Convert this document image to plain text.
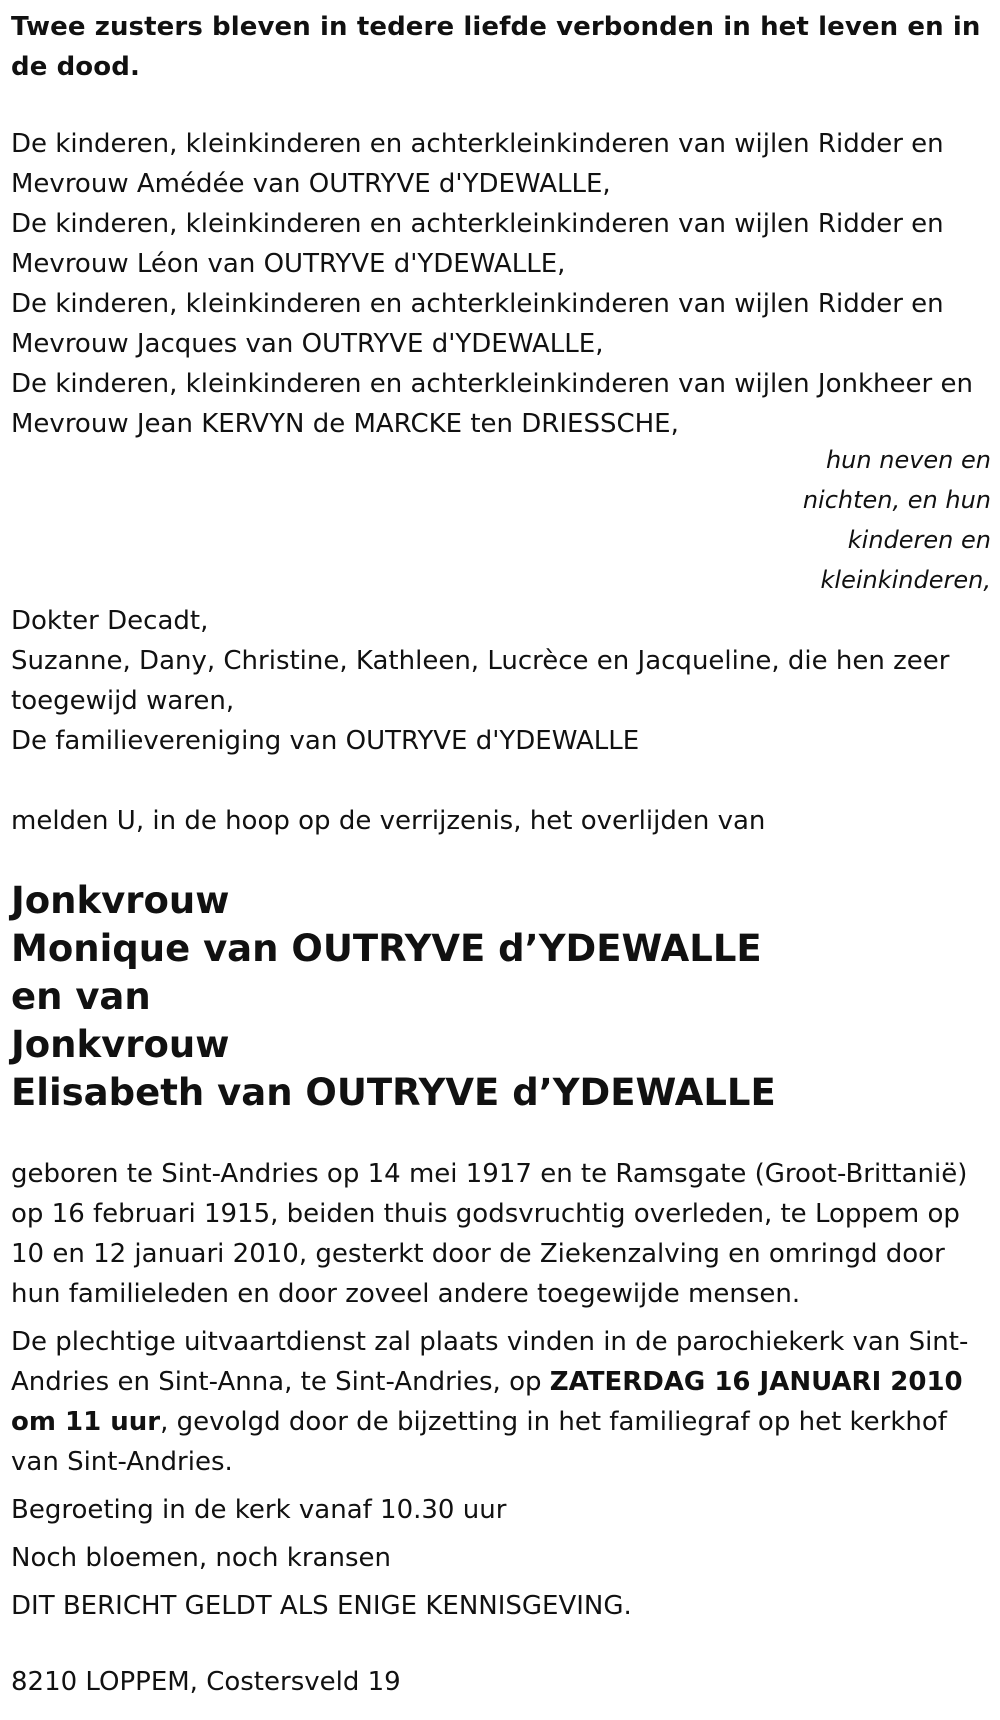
Twee zusters bleven in tedere liefde verbonden in het leven en in de dood.

De kinderen, kleinkinderen en achterkleinkinderen van wijlen Ridder en Mevrouw Amédée van OUTRYVE d'YDEWALLE,

De kinderen, kleinkinderen en achterkleinkinderen van wijlen Ridder en Mevrouw Léon van OUTRYVE d'YDEWALLE,

De kinderen, kleinkinderen en achterkleinkinderen van wijlen Ridder en Mevrouw Jacques van OUTRYVE d'YDEWALLE,

De kinderen, kleinkinderen en achterkleinkinderen van wijlen Jonkheer en Mevrouw Jean KERVYN de MARCKE ten DRIESSCHE,

hun neven en
nichten, en hun
kinderen en
kleinkinderen,

Dokter Decadt,

Suzanne, Dany, Christine, Kathleen, Lucrèce en Jacqueline, die hen zeer toegewijd waren,

De familievereniging van OUTRYVE d'YDEWALLE

melden U, in de hoop op de verrijzenis, het overlijden van
Jonkvrouw
Monique van OUTRYVE d’YDEWALLE
en van
Jonkvrouw
Elisabeth van OUTRYVE d’YDEWALLE

geboren te Sint-Andries op 14 mei 1917 en te Ramsgate (Groot-Brittanië) op 16 februari 1915, beiden thuis godsvruchtig overleden, te Loppem op 10 en 12 januari 2010, gesterkt door de Ziekenzalving en omringd door hun familieleden en door zoveel andere toegewijde mensen.

De plechtige uitvaartdienst zal plaats vinden in de parochiekerk van Sint-Andries en Sint-Anna, te Sint-Andries, op ZATERDAG 16 JANUARI 2010 om 11 uur, gevolgd door de bijzetting in het familiegraf op het kerkhof van Sint-Andries.

Begroeting in de kerk vanaf 10.30 uur

Noch bloemen, noch kransen

DIT BERICHT GELDT ALS ENIGE KENNISGEVING.

8210 LOPPEM, Costersveld 19
